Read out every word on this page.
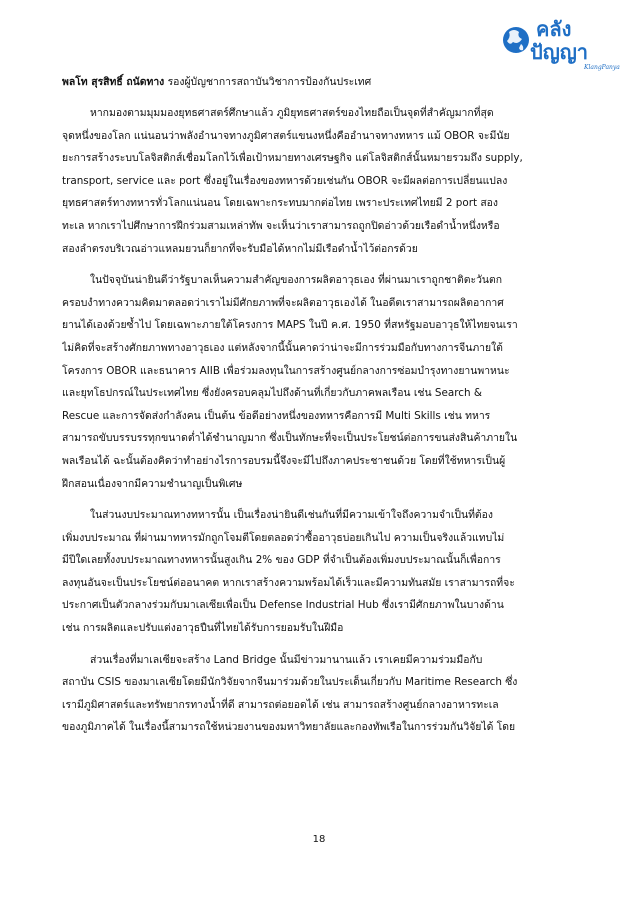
คลัง
ปัญญา
KlangPanya
พลโท สุรสิทธิ์ ถนัดทาง รองผู้บัญชาการสถาบันวิชาการป้องกันประเทศ
หากมองตามมุมมองยุทธศาสตร์ศึกษาแล้ว ภูมิยุทธศาสตร์ของไทยถือเป็นจุดที่สำคัญมากที่สุด
จุดหนึ่งของโลก แน่นอนว่าพลังอำนาจทางภูมิศาสตร์แขนงหนึ่งคืออำนาจทางทหาร แม้ OBOR จะมีนัย
ยะการสร้างระบบโลจิสติกส์เชื่อมโลกไว้เพื่อเป้าหมายทางเศรษฐกิจ แต่โลจิสติกส์นั้นหมายรวมถึง supply,
transport, service และ port ซึ่งอยู่ในเรื่องของทหารด้วยเช่นกัน OBOR จะมีผลต่อการเปลี่ยนแปลง
ยุทธศาสตร์ทางทหารทั่วโลกแน่นอน โดยเฉพาะกระทบมากต่อไทย เพราะประเทศไทยมี 2 port สอง
ทะเล หากเราไปศึกษาการฝึกร่วมสามเหล่าทัพ จะเห็นว่าเราสามารถถูกปิดอ่าวด้วยเรือดำน้ำหนึ่งหรือ
สองลำตรงบริเวณอ่าวแหลมยวนก็ยากที่จะรับมือได้หากไม่มีเรือดำน้ำไว้ต่อกรด้วย
ในปัจจุบันน่ายินดีว่ารัฐบาลเห็นความสำคัญของการผลิตอาวุธเอง ที่ผ่านมาเราถูกชาติตะวันตก
ครอบงำทางความคิดมาตลอดว่าเราไม่มีศักยภาพที่จะผลิตอาวุธเองได้ ในอดีตเราสามารถผลิตอากาศ
ยานได้เองด้วยซ้ำไป โดยเฉพาะภายใต้โครงการ MAPS ในปี ค.ศ. 1950 ที่สหรัฐมอบอาวุธให้ไทยจนเรา
ไม่คิดที่จะสร้างศักยภาพทางอาวุธเอง แต่หลังจากนี้นั้นคาดว่าน่าจะมีการร่วมมือกับทางการจีนภายใต้
โครงการ OBOR และธนาคาร AIIB เพื่อร่วมลงทุนในการสร้างศูนย์กลางการซ่อมบำรุงทางยานพาหนะ
และยุทโธปกรณ์ในประเทศไทย ซึ่งยังครอบคลุมไปถึงด้านที่เกี่ยวกับภาคพลเรือน เช่น Search &
Rescue และการจัดส่งกำลังคน เป็นต้น ข้อดีอย่างหนึ่งของทหารคือการมี Multi Skills เช่น ทหาร
สามารถขับบรรบรรทุกขนาดต่ำได้ชำนาญมาก ซึ่งเป็นทักษะที่จะเป็นประโยชน์ต่อการขนส่งสินค้าภายใน
พลเรือนได้ ฉะนั้นต้องคิดว่าทำอย่างไรการอบรมนี้จึงจะมีไปถึงภาคประชาชนด้วย โดยที่ใช้ทหารเป็นผู้
ฝึกสอนเนื่องจากมีความชำนาญเป็นพิเศษ
ในส่วนงบประมาณทางทหารนั้น เป็นเรื่องน่ายินดีเช่นกันที่มีความเข้าใจถึงความจำเป็นที่ต้อง
เพิ่มงบประมาณ ที่ผ่านมาทหารมักถูกโจมตีโดยตลอดว่าซื้ออาวุธบ่อยเกินไป ความเป็นจริงแล้วแทบไม่
มีปีใดเลยทั้งงบประมาณทางทหารนั้นสูงเกิน 2% ของ GDP ที่จำเป็นต้องเพิ่มงบประมาณนั้นก็เพื่อการ
ลงทุนอันจะเป็นประโยชน์ต่ออนาคต หากเราสร้างความพร้อมได้เร็วและมีความทันสมัย เราสามารถที่จะ
ประกาศเป็นตัวกลางร่วมกับมาเลเซียเพื่อเป็น Defense Industrial Hub ซึ่งเรามีศักยภาพในบางด้าน
เช่น การผลิตและปรับแต่งอาวุธปืนที่ไทยได้รับการยอมรับในฝีมือ
ส่วนเรื่องที่มาเลเซียจะสร้าง Land Bridge นั้นมีข่าวมานานแล้ว เราเคยมีความร่วมมือกับ
สถาบัน CSIS ของมาเลเซียโดยมีนักวิจัยจากจีนมาร่วมด้วยในประเด็นเกี่ยวกับ Maritime Research ซึ่ง
เรามีภูมิศาสตร์และทรัพยากรทางน้ำที่ดี สามารถต่อยอดได้ เช่น สามารถสร้างศูนย์กลางอาหารทะเล
ของภูมิภาคได้ ในเรื่องนี้สามารถใช้หน่วยงานของมหาวิทยาลัยและกองทัพเรือในการร่วมกันวิจัยได้ โดย
18
